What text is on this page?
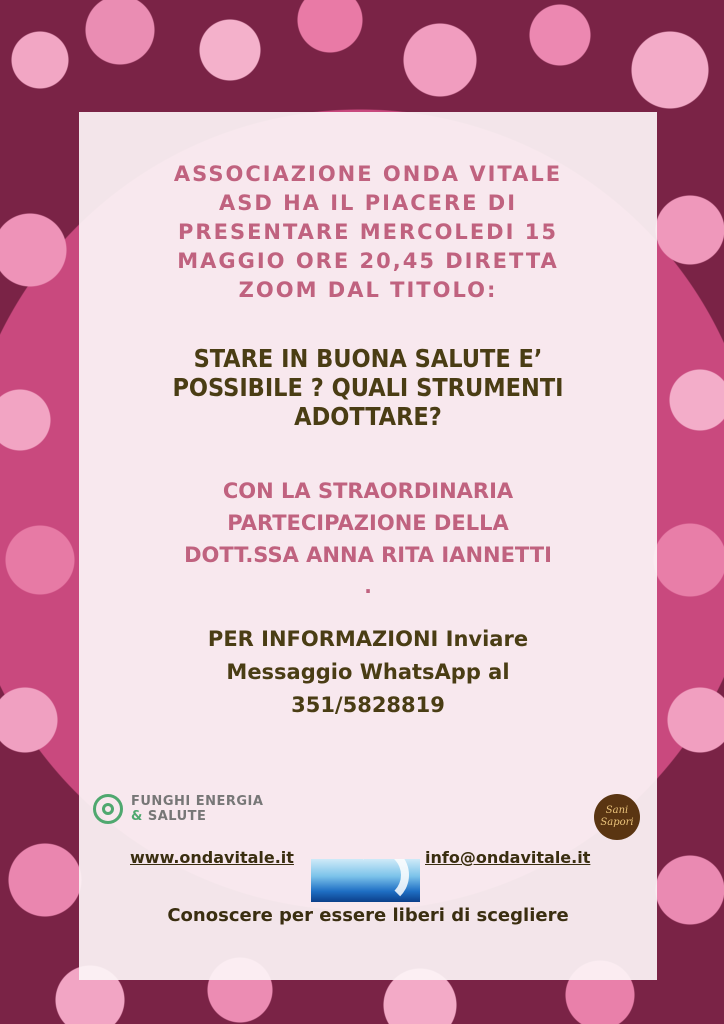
ASSOCIAZIONE ONDA VITALE
ASD HA IL PIACERE DI
PRESENTARE MERCOLEDI 15
MAGGIO ORE 20,45 DIRETTA
ZOOM DAL TITOLO:
STARE IN BUONA SALUTE E’
POSSIBILE ? QUALI STRUMENTI
ADOTTARE?
CON LA STRAORDINARIA
PARTECIPAZIONE DELLA
DOTT.SSA ANNA RITA IANNETTI
.
PER INFORMAZIONI Inviare
Messaggio WhatsApp al
351/5828819
FUNGHI ENERGIA
& SALUTE	Sani
Sapori
www.ondavitale.it	info@ondavitale.it
Conoscere per essere liberi di scegliere
